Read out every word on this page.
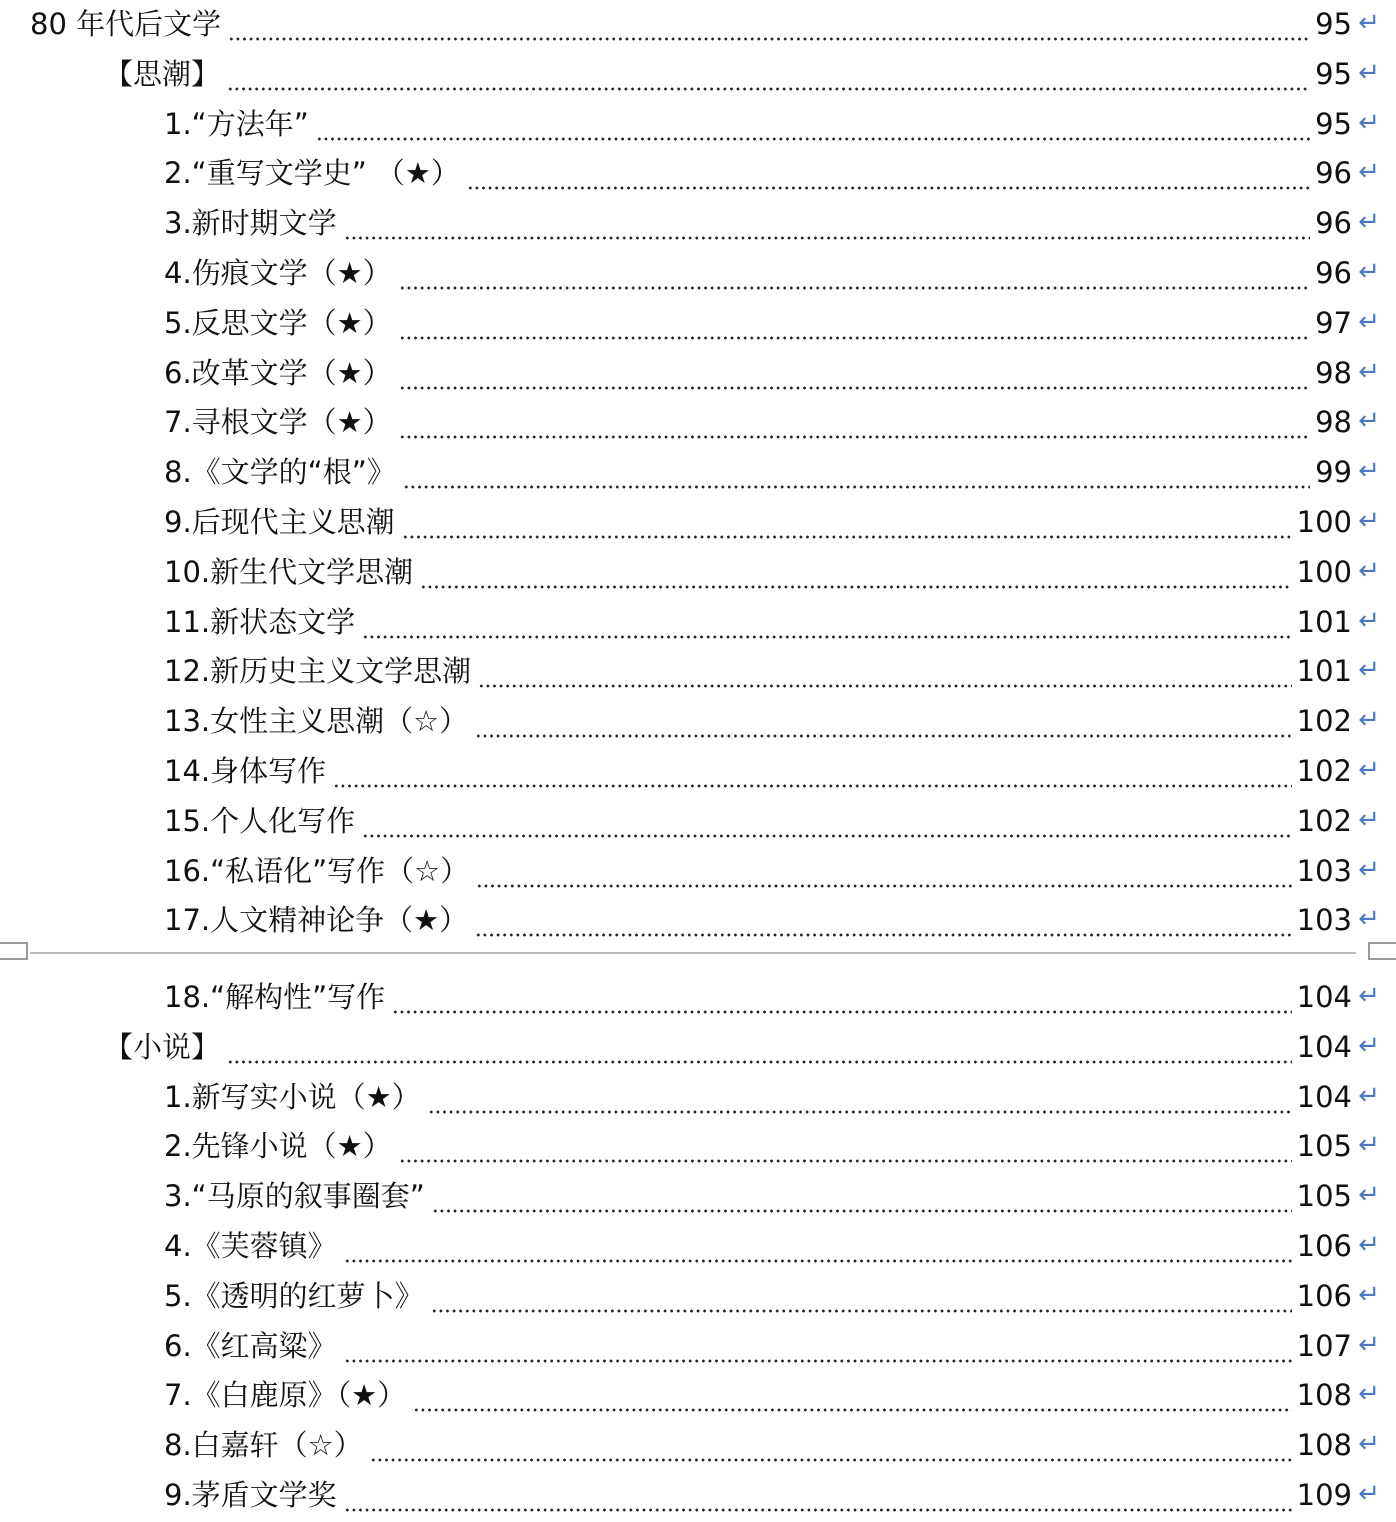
80 年代后文学	95 ↵
【思潮】	95 ↵
1.“方法年”	95 ↵
2.“重写文学史” （★）	96 ↵
3.新时期文学	96 ↵
4.伤痕文学（★）	96 ↵
5.反思文学（★）	97 ↵
6.改革文学（★）	98 ↵
7.寻根文学（★）	98 ↵
8.《文学的“根”》	99 ↵
9.后现代主义思潮	100 ↵
10.新生代文学思潮	100 ↵
11.新状态文学	101 ↵
12.新历史主义文学思潮	101 ↵
13.女性主义思潮（☆）	102 ↵
14.身体写作	102 ↵
15.个人化写作	102 ↵
16.“私语化”写作（☆）	103 ↵
17.人文精神论争（★）	103 ↵
18.“解构性”写作	104 ↵
【小说】	104 ↵
1.新写实小说（★）	104 ↵
2.先锋小说（★）	105 ↵
3.“马原的叙事圈套”	105 ↵
4.《芙蓉镇》	106 ↵
5.《透明的红萝卜》	106 ↵
6.《红高粱》	107 ↵
7.《白鹿原》（★）	108 ↵
8.白嘉轩（☆）	108 ↵
9.茅盾文学奖	109 ↵
